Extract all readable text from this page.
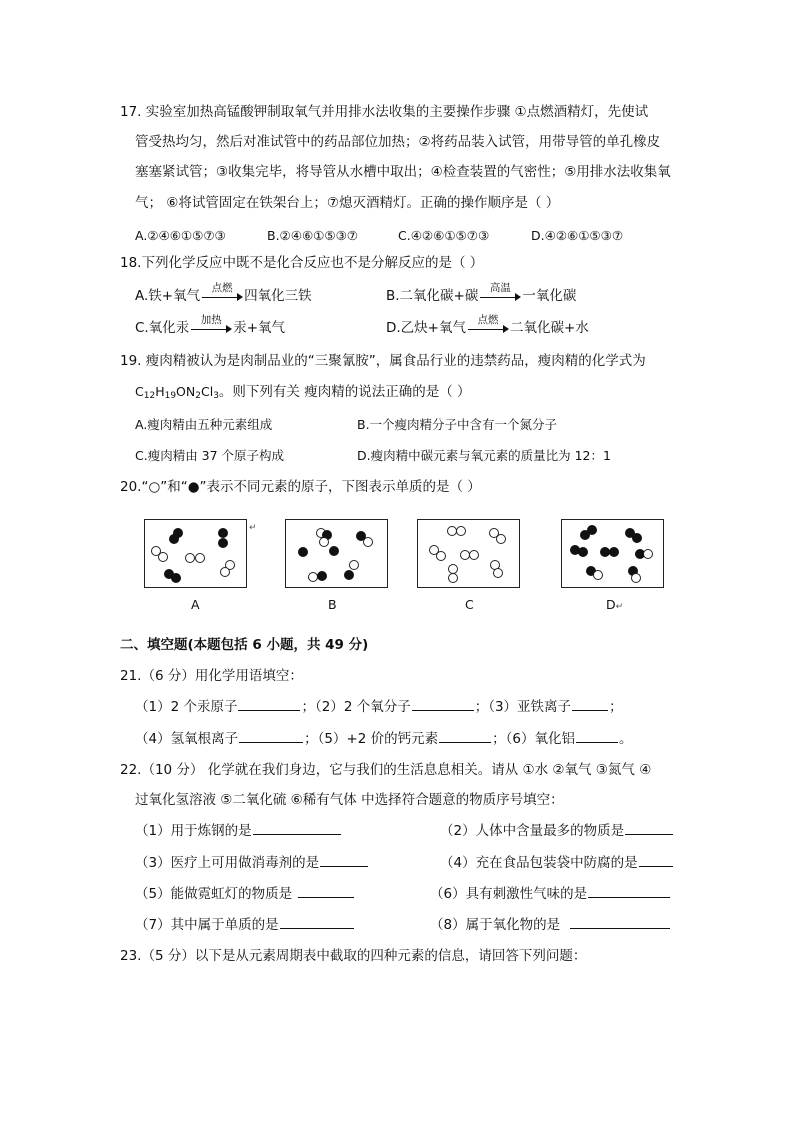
17. 实验室加热高锰酸钾制取氧气并用排水法收集的主要操作步骤 ①点燃酒精灯，先使试
管受热均匀，然后对准试管中的药品部位加热；②将药品装入试管，用带导管的单孔橡皮
塞塞紧试管；③收集完毕，将导管从水槽中取出；④检查装置的气密性；⑤用排水法收集氧
气； ⑥将试管固定在铁架台上；⑦熄灭酒精灯。正确的操作顺序是（ ）
A.②④⑥①⑤⑦③	B.②④⑥①⑤③⑦	C.④②⑥①⑤⑦③	D.④②⑥①⑤③⑦
18.下列化学反应中既不是化合反应也不是分解反应的是（ ）
A.铁+氧气	点燃 四氧化三铁	B.二氧化碳+碳	高温 一氧化碳
C.氧化汞	加热 汞+氧气	D.乙炔+氧气	点燃 二氧化碳+水
19. 瘦肉精被认为是肉制品业的“三聚氰胺”，属食品行业的违禁药品，瘦肉精的化学式为
$C_{12}H_{19}ON_2Cl_3$。则下列有关 瘦肉精的说法正确的是（ ）
A.瘦肉精由五种元素组成	B.一个瘦肉精分子中含有一个氮分子
C.瘦肉精由 37 个原子构成	D.瘦肉精中碳元素与氧元素的质量比为 12：1
20.“○”和“●”表示不同元素的原子，下图表示单质的是（ ）
↵
A	B	C	D↵
二、填空题(本题包括 6 小题，共 49 分)
21.（6 分）用化学用语填空：
（1）2 个汞原子	；（2）2 个氧分子	；（3）亚铁离子	；
（4）氢氧根离子	；（5）+2 价的钙元素	；（6）氧化铝	。
22.（10 分） 化学就在我们身边，它与我们的生活息息相关。请从 ①水 ②氧气 ③氮气 ④
过氧化氢溶液 ⑤二氧化硫 ⑥稀有气体 中选择符合题意的物质序号填空：
（1）用于炼钢的是	（2）人体中含量最多的物质是
（3）医疗上可用做消毒剂的是	（4）充在食品包装袋中防腐的是
（5）能做霓虹灯的物质是	（6）具有刺激性气味的是
（7）其中属于单质的是	（8）属于氧化物的是
23.（5 分）以下是从元素周期表中截取的四种元素的信息，请回答下列问题：
